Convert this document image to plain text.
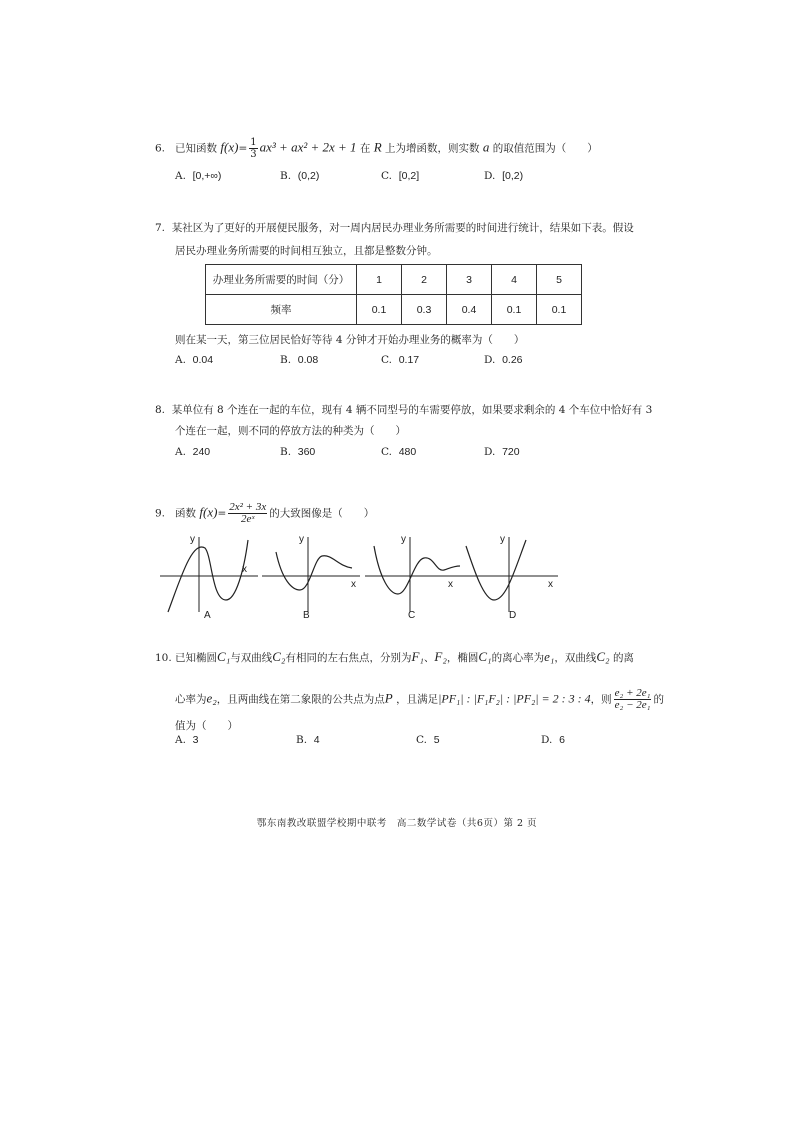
6. 已知函数 $f(x)= \frac{1}{3} ax^3 + ax^2 + 2x + 1$ 在 R 上为增函数，则实数 a 的取值范围为（　　）
A. [0,+∞)	B. (0,2)	C. [0,2]	D. [0,2)
7. 某社区为了更好的开展便民服务，对一周内居民办理业务所需要的时间进行统计，结果如下表。假设
居民办理业务所需要的时间相互独立，且都是整数分钟。
办理业务所需要的时间（分）	1	2	3	4	5
频率	0.1	0.3	0.4	0.1	0.1
则在某一天，第三位居民恰好等待 4 分钟才开始办理业务的概率为（　　）
A. 0.04	B. 0.08	C. 0.17	D. 0.26
8. 某单位有 8 个连在一起的车位，现有 4 辆不同型号的车需要停放，如果要求剩余的 4 个车位中恰好有 3
个连在一起，则不同的停放方法的种类为（　　）
A. 240	B. 360	C. 480	D. 720
9. 函数 $f(x)= \frac{\text{2x² + 3x}}{\text{2eˣ}}$ 的大致图像是（　　）
y
x
A
y
x
B
y
x
C
y
x
D
10. 已知椭圆C₁与双曲线C₂有相同的左右焦点，分别为F₁、F₂，椭圆C₁的离心率为e₁，双曲线C₂ 的离
心率为e₂，且两曲线在第二象限的公共点为点P ，且满足|PF₁| : |F₁F₂| : |PF₂| = 2 : 3 : 4，则 $\frac{\text{e₂ + 2e₁}}{\text{e₂ − 2e₁}}$ 的
值为（　　）
A. 3	B. 4	C. 5	D. 6
鄂东南教改联盟学校期中联考　高二数学试卷（共6页）第 2 页
